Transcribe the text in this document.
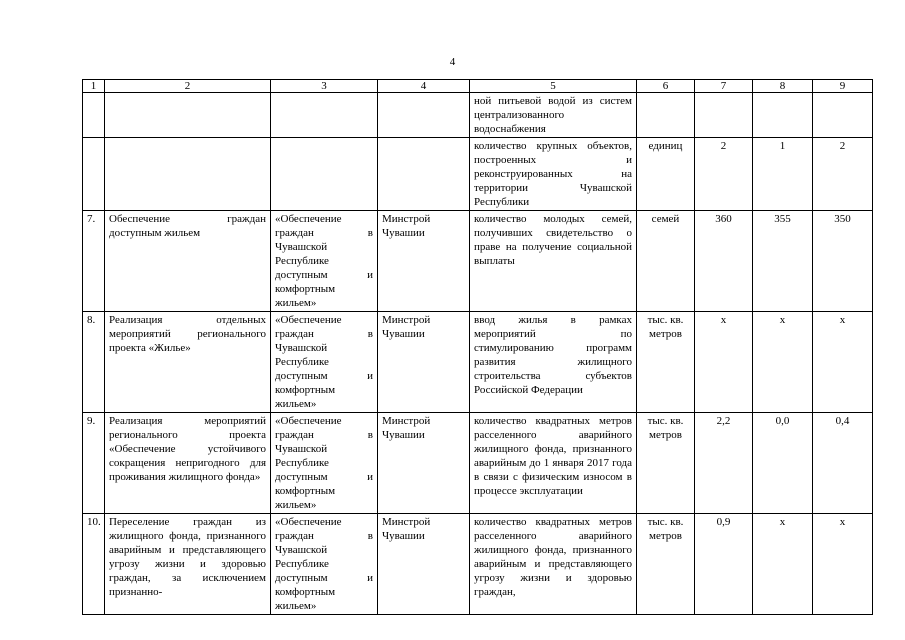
4
1	2	3	4	5	6	7	8	9
				ной питьевой водой из систем централизованного водоснабжения				
				количество крупных объектов, построенных и реконструированных на территории Чувашской Республики	единиц	2	1	2
7.	Обеспечение граждан доступным жильем	«Обеспечение граждан в Чувашской Республике доступным и комфортным жильем»	Минстрой Чувашии	количество молодых семей, получивших свидетельство о праве на получение социальной выплаты	семей	360	355	350
8.	Реализация отдельных мероприятий регионального проекта «Жилье»	«Обеспечение граждан в Чувашской Республике доступным и комфортным жильем»	Минстрой Чувашии	ввод жилья в рамках мероприятий по стимулированию программ развития жилищного строительства субъектов Российской Федерации	тыс. кв. метров	х	х	х
9.	Реализация мероприятий регионального проекта «Обеспечение устойчивого сокращения непригодного для проживания жилищного фонда»	«Обеспечение граждан в Чувашской Республике доступным и комфортным жильем»	Минстрой Чувашии	количество квадратных метров расселенного аварийного жилищного фонда, признанного аварийным до 1 января 2017 года в связи с физическим износом в процессе эксплуатации	тыс. кв. метров	2,2	0,0	0,4
10.	Переселение граждан из жилищного фонда, признанного аварийным и представляющего угрозу жизни и здоровью граждан, за исключением признанно-	«Обеспечение граждан в Чувашской Республике доступным и комфортным жильем»	Минстрой Чувашии	количество квадратных метров расселенного аварийного жилищного фонда, признанного аварийным и представляющего угрозу жизни и здоровью граждан,	тыс. кв. метров	0,9	х	х
